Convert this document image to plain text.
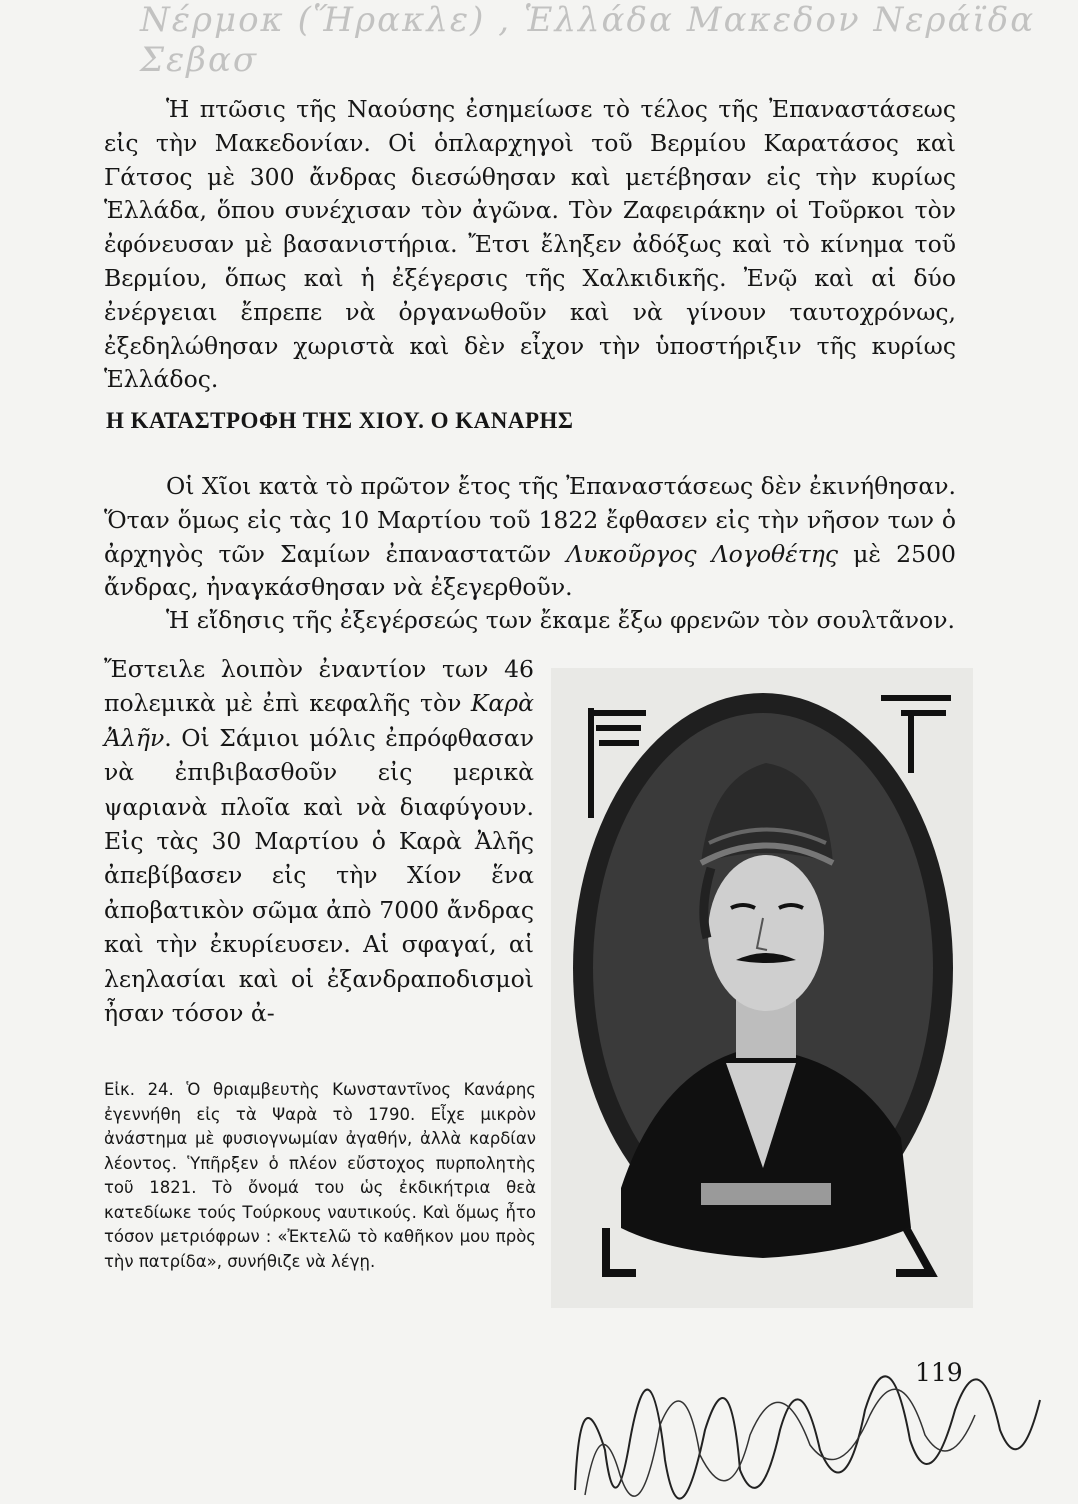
Νέρμοκ (Ἥρακλε) , Ἑλλάδα Μακεδον Νεράϊδα Σεβασ

Ἡ πτῶσις τῆς Ναούσης ἐσημείωσε τὸ τέλος τῆς Ἐπαναστάσεως εἰς τὴν Μακεδονίαν. Οἱ ὁπλαρχηγοὶ τοῦ Βερμίου Καρατάσος καὶ Γάτσος μὲ 300 ἄνδρας διεσώθησαν καὶ μετέβησαν εἰς τὴν κυρίως Ἑλλάδα, ὅπου συνέχισαν τὸν ἀγῶνα. Τὸν Ζαφειράκην οἱ Τοῦρκοι τὸν ἐφόνευσαν μὲ βασανιστήρια. Ἔτσι ἔληξεν ἀδόξως καὶ τὸ κίνημα τοῦ Βερμίου, ὅπως καὶ ἡ ἐξέγερσις τῆς Χαλκιδικῆς. Ἐνῷ καὶ αἱ δύο ἐνέργειαι ἔπρεπε νὰ ὀργανωθοῦν καὶ νὰ γίνουν ταυτοχρόνως, ἐξεδηλώθησαν χωριστὰ καὶ δὲν εἶχον τὴν ὑποστήριξιν τῆς κυρίως Ἑλλάδος.

Η ΚΑΤΑΣΤΡΟΦΗ ΤΗΣ ΧΙΟΥ. Ο ΚΑΝΑΡΗΣ

Οἱ Χῖοι κατὰ τὸ πρῶτον ἔτος τῆς Ἐπαναστάσεως δὲν ἐκινήθησαν. Ὅταν ὅμως εἰς τὰς 10 Μαρτίου τοῦ 1822 ἔφθασεν εἰς τὴν νῆσον των ὁ ἀρχηγὸς τῶν Σαμίων ἐπαναστατῶν Λυκοῦργος Λογοθέτης μὲ 2500 ἄνδρας, ἠναγκάσθησαν νὰ ἐξεγερθοῦν.

Ἡ εἴδησις τῆς ἐξεγέρσεώς των ἔκαμε ἔξω φρενῶν τὸν σουλτᾶνον.

Ἔστειλε λοιπὸν ἐναντίον των 46 πολεμικὰ μὲ ἐπὶ κεφαλῆς τὸν Καρὰ Ἀλῆν. Οἱ Σάμιοι μόλις ἐπρόφθασαν νὰ ἐπιβιβασθοῦν εἰς μερικὰ ψαριανὰ πλοῖα καὶ νὰ διαφύγουν. Εἰς τὰς 30 Μαρτίου ὁ Καρὰ Ἀλῆς ἀπεβίβασεν εἰς τὴν Χίον ἕνα ἀποβατικὸν σῶμα ἀπὸ 7000 ἄνδρας καὶ τὴν ἐκυρίευσεν. Αἱ σφαγαί, αἱ λεηλασίαι καὶ οἱ ἐξανδραποδισμοὶ ἦσαν τόσον ἀ-

Εἰκ. 24. Ὁ θριαμβευτὴς Κωνσταντῖνος Κανάρης ἐγεννήθη εἰς τὰ Ψαρὰ τὸ 1790. Εἶχε μικρὸν ἀνάστημα μὲ φυσιογνωμίαν ἀγαθήν, ἀλλὰ καρδίαν λέοντος. Ὑπῆρξεν ὁ πλέον εὔστοχος πυρπολητὴς τοῦ 1821. Τὸ ὄνομά του ὡς ἐκδικήτρια θεὰ κατεδίωκε τούς Τούρκους ναυτικούς. Καὶ ὅμως ἦτο τόσον μετριόφρων : «Ἐκτελῶ τὸ καθῆκον μου πρὸς τὴν πατρίδα», συνήθιζε νὰ λέγῃ.
119
